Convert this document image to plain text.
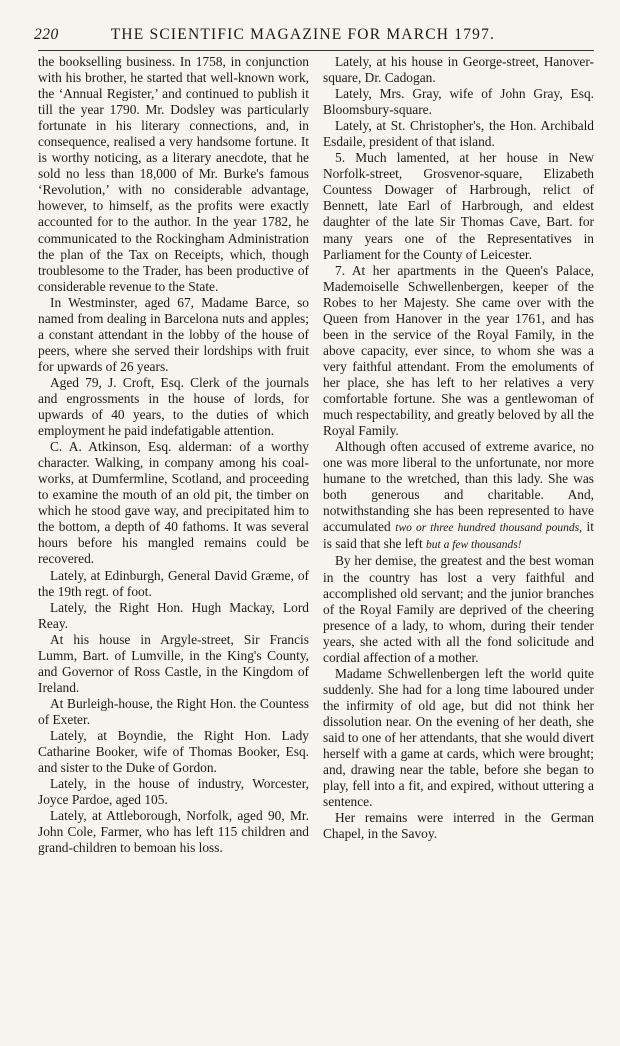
220	THE SCIENTIFIC MAGAZINE FOR MARCH 1797.

the bookselling business. In 1758, in conjunction with his brother, he started that well-known work, the ‘Annual Register,’ and continued to publish it till the year 1790. Mr. Dodsley was particularly fortunate in his literary connections, and, in consequence, realised a very handsome fortune. It is worthy noticing, as a literary anecdote, that he sold no less than 18,000 of Mr. Burke's famous ‘Revolution,’ with no considerable advantage, however, to himself, as the profits were exactly accounted for to the author. In the year 1782, he communicated to the Rockingham Administration the plan of the Tax on Receipts, which, though troublesome to the Trader, has been productive of considerable revenue to the State.

In Westminster, aged 67, Madame Barce, so named from dealing in Barcelona nuts and apples; a constant attendant in the lobby of the house of peers, where she served their lordships with fruit for upwards of 26 years.

Aged 79, J. Croft, Esq. Clerk of the journals and engrossments in the house of lords, for upwards of 40 years, to the duties of which employment he paid indefatigable attention.

C. A. Atkinson, Esq. alderman: of a worthy character. Walking, in company among his coal-works, at Dumfermline, Scotland, and proceeding to examine the mouth of an old pit, the timber on which he stood gave way, and precipitated him to the bottom, a depth of 40 fathoms. It was several hours before his mangled remains could be recovered.

Lately, at Edinburgh, General David Græme, of the 19th regt. of foot.

Lately, the Right Hon. Hugh Mackay, Lord Reay.

At his house in Argyle-street, Sir Francis Lumm, Bart. of Lumville, in the King's County, and Governor of Ross Castle, in the Kingdom of Ireland.

At Burleigh-house, the Right Hon. the Countess of Exeter.

Lately, at Boyndie, the Right Hon. Lady Catharine Booker, wife of Thomas Booker, Esq. and sister to the Duke of Gordon.

Lately, in the house of industry, Worcester, Joyce Pardoe, aged 105.

Lately, at Attleborough, Norfolk, aged 90, Mr. John Cole, Farmer, who has left 115 children and grand-children to bemoan his loss.

Lately, at his house in George-street, Hanover-square, Dr. Cadogan.

Lately, Mrs. Gray, wife of John Gray, Esq. Bloomsbury-square.

Lately, at St. Christopher's, the Hon. Archibald Esdaile, president of that island.

5. Much lamented, at her house in New Norfolk-street, Grosvenor-square, Elizabeth Countess Dowager of Harbrough, relict of Bennett, late Earl of Harbrough, and eldest daughter of the late Sir Thomas Cave, Bart. for many years one of the Representatives in Parliament for the County of Leicester.

7. At her apartments in the Queen's Palace, Mademoiselle Schwellenbergen, keeper of the Robes to her Majesty. She came over with the Queen from Hanover in the year 1761, and has been in the service of the Royal Family, in the above capacity, ever since, to whom she was a very faithful attendant. From the emoluments of her place, she has left to her relatives a very comfortable fortune. She was a gentlewoman of much respectability, and greatly beloved by all the Royal Family.

Although often accused of extreme avarice, no one was more liberal to the unfortunate, nor more humane to the wretched, than this lady. She was both generous and charitable. And, notwithstanding she has been represented to have accumulated two or three hundred thousand pounds, it is said that she left but a few thousands!

By her demise, the greatest and the best woman in the country has lost a very faithful and accomplished old servant; and the junior branches of the Royal Family are deprived of the cheering presence of a lady, to whom, during their tender years, she acted with all the fond solicitude and cordial affection of a mother.

Madame Schwellenbergen left the world quite suddenly. She had for a long time laboured under the infirmity of old age, but did not think her dissolution near. On the evening of her death, she said to one of her attendants, that she would divert herself with a game at cards, which were brought; and, drawing near the table, before she began to play, fell into a fit, and expired, without uttering a sentence.

Her remains were interred in the German Chapel, in the Savoy.
